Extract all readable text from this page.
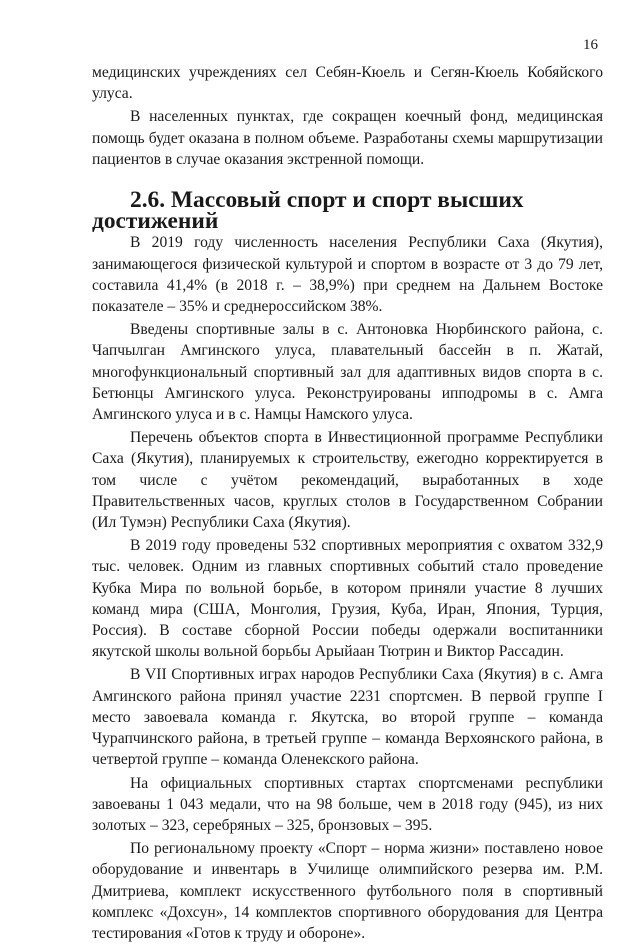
16

медицинских учреждениях сел Себян-Кюель и Сегян-Кюель Кобяйского улуса.

В населенных пунктах, где сокращен коечный фонд, медицинская помощь будет оказана в полном объеме. Разработаны схемы маршрутизации пациентов в случае оказания экстренной помощи.

2.6. Массовый спорт и спорт высших достижений

В 2019 году численность населения Республики Саха (Якутия), занимающегося физической культурой и спортом в возрасте от 3 до 79 лет, составила 41,4% (в 2018 г. – 38,9%) при среднем на Дальнем Востоке показателе – 35% и среднероссийском 38%.

Введены спортивные залы в с. Антоновка Нюрбинского района, с. Чапчылган Амгинского улуса, плавательный бассейн в п. Жатай, многофункциональный спортивный зал для адаптивных видов спорта в с. Бетюнцы Амгинского улуса. Реконструированы ипподромы в с. Амга Амгинского улуса и в с. Намцы Намского улуса.

Перечень объектов спорта в Инвестиционной программе Республики Саха (Якутия), планируемых к строительству, ежегодно корректируется в том числе с учётом рекомендаций, выработанных в ходе Правительственных часов, круглых столов в Государственном Собрании (Ил Тумэн) Республики Саха (Якутия).

В 2019 году проведены 532 спортивных мероприятия с охватом 332,9 тыс. человек. Одним из главных спортивных событий стало проведение Кубка Мира по вольной борьбе, в котором приняли участие 8 лучших команд мира (США, Монголия, Грузия, Куба, Иран, Япония, Турция, Россия). В составе сборной России победы одержали воспитанники якутской школы вольной борьбы Арыйаан Тютрин и Виктор Рассадин.

В VII Спортивных играх народов Республики Саха (Якутия) в с. Амга Амгинского района принял участие 2231 спортсмен. В первой группе I место завоевала команда г. Якутска, во второй группе – команда Чурапчинского района, в третьей группе – команда Верхоянского района, в четвертой группе – команда Оленекского района.

На официальных спортивных стартах спортсменами республики завоеваны 1 043 медали, что на 98 больше, чем в 2018 году (945), из них золотых – 323, серебряных – 325, бронзовых – 395.

По региональному проекту «Спорт – норма жизни» поставлено новое оборудование и инвентарь в Училище олимпийского резерва им. Р.М. Дмитриева, комплект искусственного футбольного поля в спортивный комплекс «Дохсун», 14 комплектов спортивного оборудования для Центра тестирования «Готов к труду и обороне».
